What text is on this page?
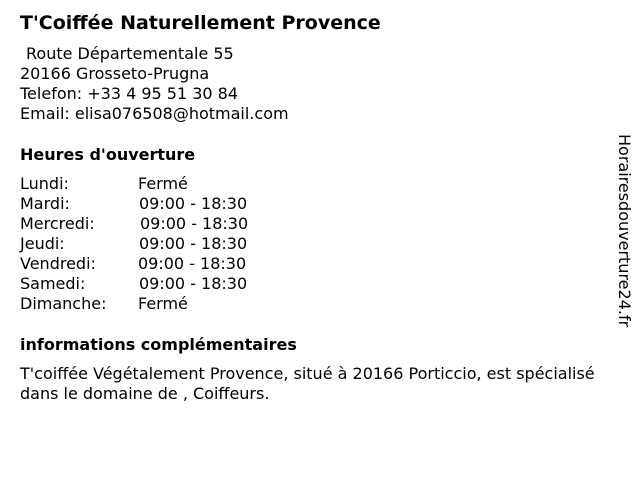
T'Coiffée Naturellement Provence
Route Départementale 55
20166 Grosseto-Prugna
Telefon: +33 4 95 51 30 84
Email: elisa076508@hotmail.com
Heures d'ouverture
Lundi:	Fermé
Mardi:	09:00 - 18:30
Mercredi:	09:00 - 18:30
Jeudi:	09:00 - 18:30
Vendredi:	09:00 - 18:30
Samedi:	09:00 - 18:30
Dimanche: Fermé
informations complémentaires
T'coiffée Végétalement Provence, situé à 20166 Porticcio, est spécialisé dans le domaine de , Coiffeurs.
Horairesdouverture24.fr
